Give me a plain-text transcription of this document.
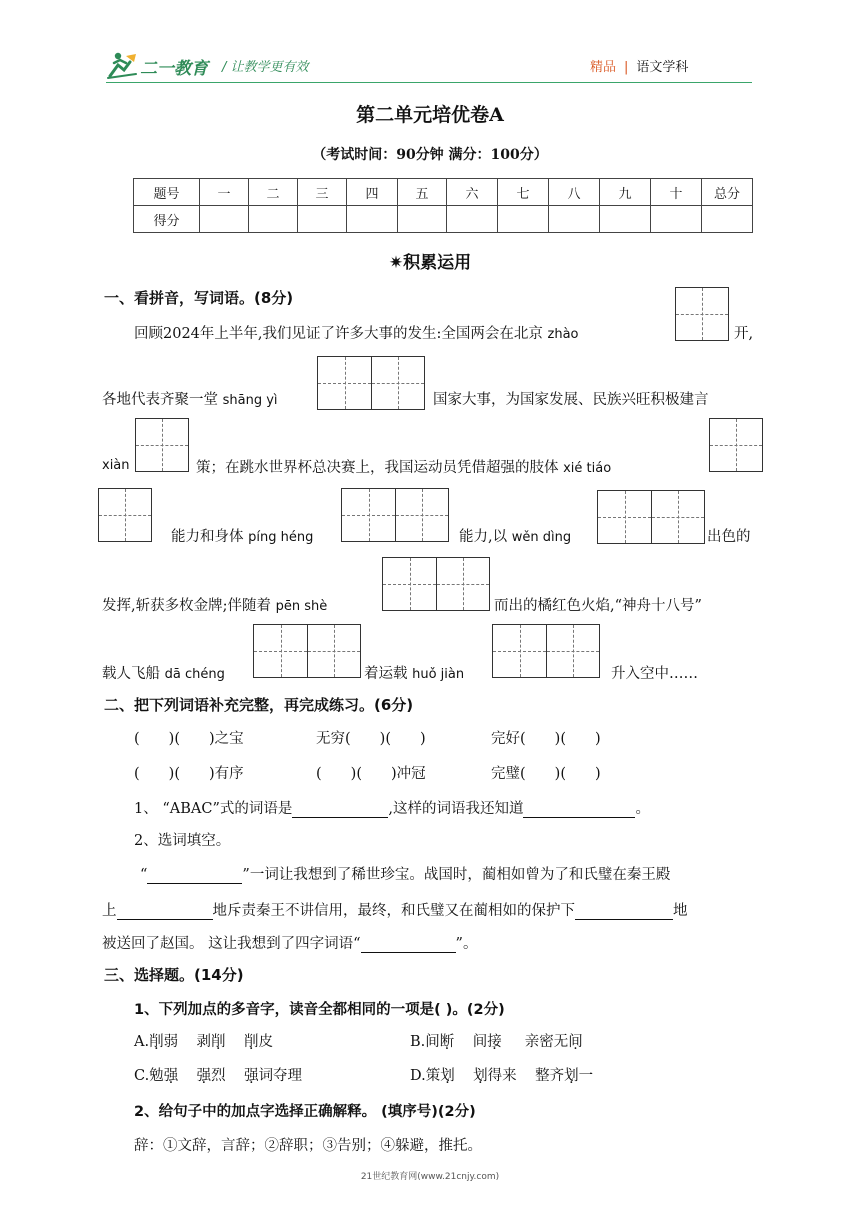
二一教育 / 让教学更有效	精品 | 语文学科
第二单元培优卷A
（考试时间：90分钟 满分：100分）
题号	一	二	三	四	五	六	七	八	九	十	总分
得分											
✷积累运用
一、看拼音，写词语。(8分)
回顾2024年上半年,我们见证了许多大事的发生:全国两会在北京 zhào	开,
各地代表齐聚一堂 shāng yì	国家大事，为国家发展、民族兴旺积极建言
xiàn	策；在跳水世界杯总决赛上，我国运动员凭借超强的肢体 xié tiáo
能力和身体 píng héng	能力,以 wěn dìng	出色的
发挥,斩获多枚金牌;伴随着 pēn shè	而出的橘红色火焰,“神舟十八号”
载人飞船 dā chéng	着运载 huǒ jiàn	升入空中……
二、把下列词语补充完整，再完成练习。(6分)
(　　)(　　)之宝	无穷(　　)(　　)	完好(　　)(　　)
(　　)(　　)有序	(　　)(　　)冲冠	完璧(　　)(　　)
1、 “ABAC”式的词语是	,这样的词语我还知道	。
2、选词填空。
“	”一词让我想到了稀世珍宝。战国时，蔺相如曾为了和氏璧在秦王殿
上	地斥责秦王不讲信用，最终，和氏璧又在蔺相如的保护下	地
被送回了赵国。 这让我想到了四字词语“	”。
三、选择题。(14分)
1、下列加点的多音字，读音全都相同的一项是( )。(2分)
A.削弱 剥削 削皮	B.间断 间接 亲密无间
C.勉强 强烈 强词夺理	D.策划 划得来 整齐划一
2、给句子中的加点字选择正确解释。 (填序号)(2分)
辞：①文辞，言辞；②辞职；③告别；④躲避，推托。
21世纪教育网(www.21cnjy.com)
